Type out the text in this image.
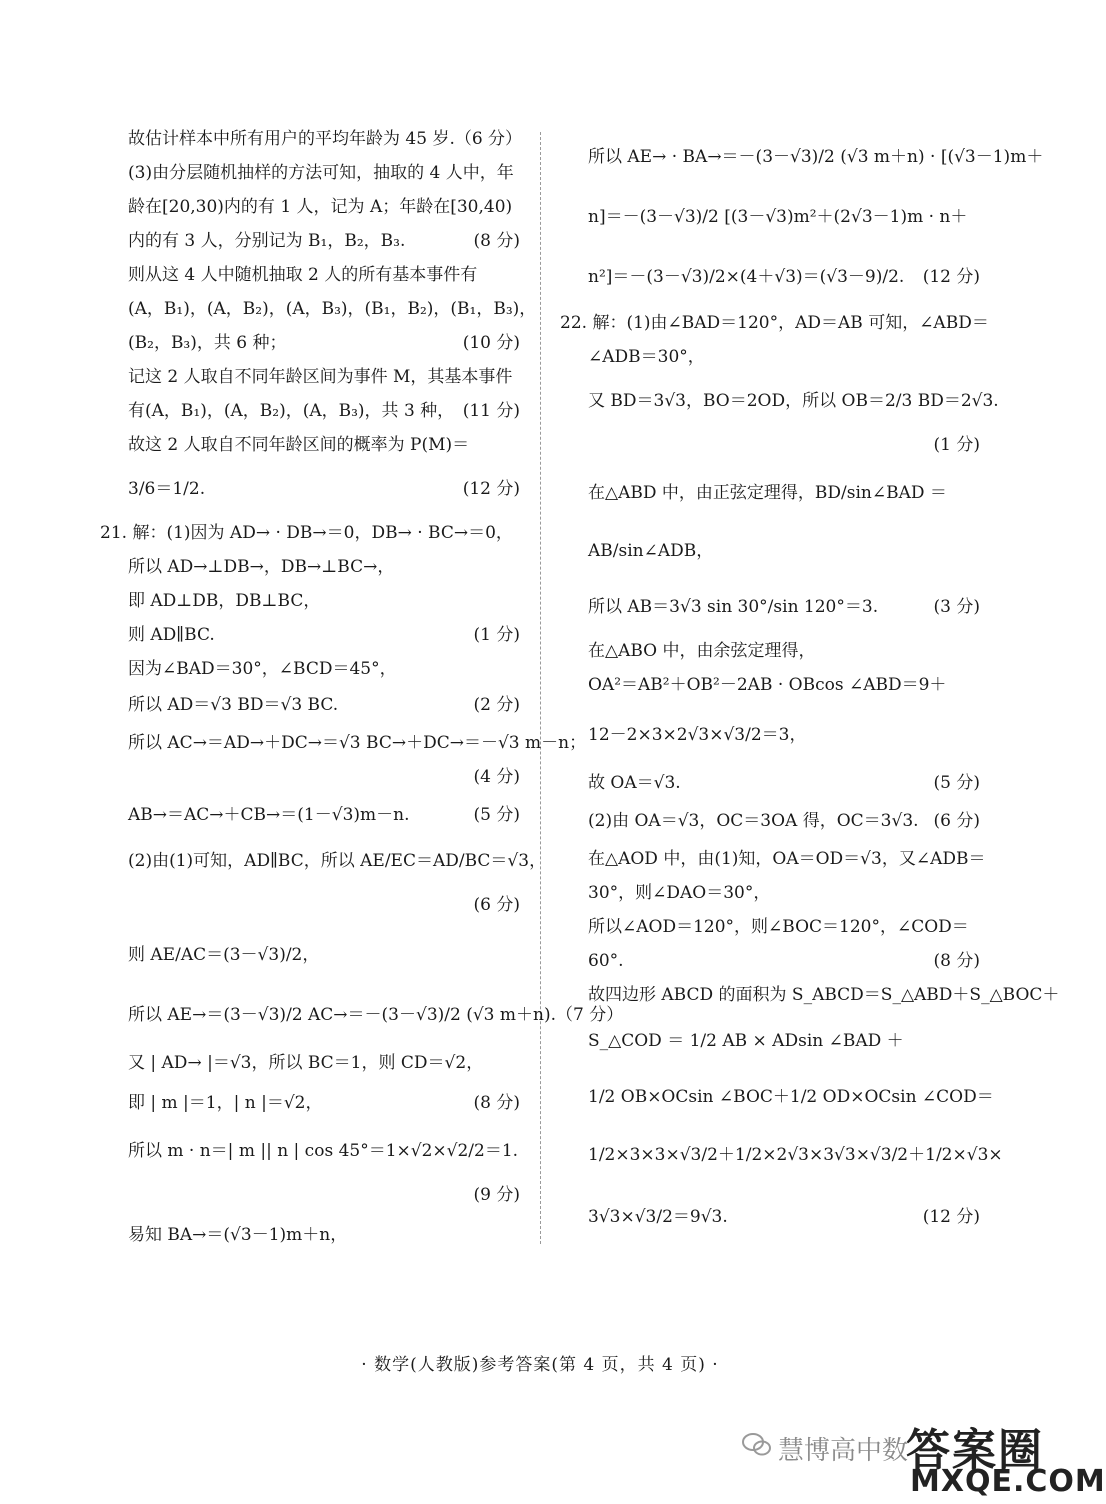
故估计样本中所有用户的平均年龄为 45 岁.（6 分）
(3)由分层随机抽样的方法可知，抽取的 4 人中，年
龄在[20,30)内的有 1 人，记为 A；年龄在[30,40)
内的有 3 人，分别记为 B₁，B₂，B₃.	(8 分)
则从这 4 人中随机抽取 2 人的所有基本事件有
(A，B₁)，(A，B₂)，(A，B₃)，(B₁，B₂)，(B₁，B₃)，
(B₂，B₃)，共 6 种；	(10 分)
记这 2 人取自不同年龄区间为事件 M，其基本事件
有(A，B₁)，(A，B₂)，(A，B₃)，共 3 种， (11 分)
故这 2 人取自不同年龄区间的概率为 P(M)＝
3/6＝1/2.	(12 分)
21. 解：(1)因为 AD→ · DB→＝0，DB→ · BC→＝0，
所以 AD→⊥DB→，DB→⊥BC→，
即 AD⊥DB，DB⊥BC，
则 AD∥BC.	(1 分)
因为∠BAD＝30°，∠BCD＝45°，
所以 AD＝√3 BD＝√3 BC.	(2 分)
所以 AC→＝AD→＋DC→＝√3 BC→＋DC→＝－√3 m－n；
(4 分)
AB→＝AC→＋CB→＝(1－√3)m－n.	(5 分)
(2)由(1)可知，AD∥BC，所以 AE/EC＝AD/BC＝√3，
(6 分)
则 AE/AC＝(3－√3)/2，
所以 AE→＝(3－√3)/2 AC→＝－(3－√3)/2 (√3 m＋n).（7 分）
又 | AD→ |＝√3，所以 BC＝1，则 CD＝√2，
即 | m |＝1，| n |＝√2，	(8 分)
所以 m · n＝| m || n | cos 45°＝1×√2×√2/2＝1.
(9 分)
易知 BA→＝(√3－1)m＋n，
所以 AE→ · BA→＝－(3－√3)/2 (√3 m＋n) · [(√3－1)m＋
n]＝－(3－√3)/2 [(3－√3)m²＋(2√3－1)m · n＋
n²]＝－(3－√3)/2×(4＋√3)＝(√3－9)/2. (12 分)
22. 解：(1)由∠BAD＝120°，AD＝AB 可知，∠ABD＝
∠ADB＝30°，
又 BD＝3√3，BO＝2OD，所以 OB＝2/3 BD＝2√3.
(1 分)
在△ABD 中，由正弦定理得，BD/sin∠BAD ＝
AB/sin∠ADB，
所以 AB＝3√3 sin 30°/sin 120°＝3.	(3 分)
在△ABO 中，由余弦定理得，
OA²＝AB²＋OB²－2AB · OBcos ∠ABD＝9＋
12－2×3×2√3×√3/2＝3，
故 OA＝√3.	(5 分)
(2)由 OA＝√3，OC＝3OA 得，OC＝3√3. (6 分)
在△AOD 中，由(1)知，OA＝OD＝√3，又∠ADB＝
30°，则∠DAO＝30°，
所以∠AOD＝120°，则∠BOC＝120°，∠COD＝
60°.	(8 分)
故四边形 ABCD 的面积为 S_ABCD＝S_△ABD＋S_△BOC＋
S_△COD ＝ 1/2 AB × ADsin ∠BAD ＋
1/2 OB×OCsin ∠BOC＋1/2 OD×OCsin ∠COD＝
1/2×3×3×√3/2＋1/2×2√3×3√3×√3/2＋1/2×√3×
3√3×√3/2＝9√3.	(12 分)
· 数学(人教版)参考答案(第 4 页，共 4 页) ·
慧博高中数
答案圈
MXQE.COM
